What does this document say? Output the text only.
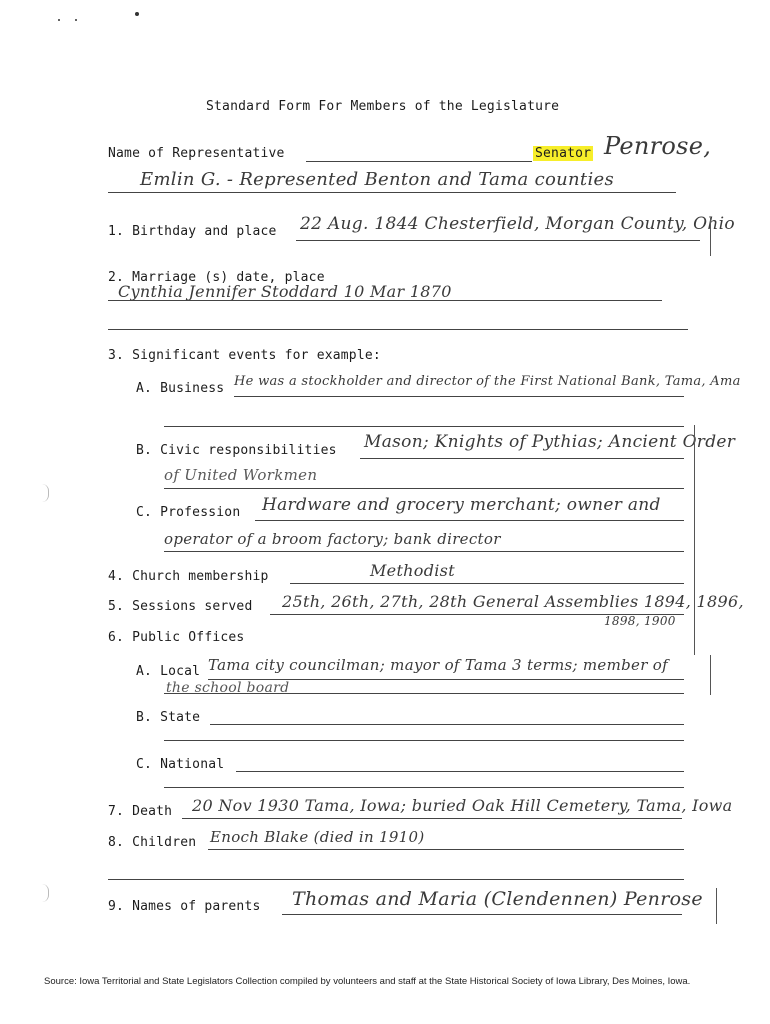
Standard Form For Members of the Legislature
Name of Representative	Senator Penrose,
Emlin G. - Represented Benton and Tama counties
1. Birthday and place 22 Aug. 1844 Chesterfield, Morgan County, Ohio
2. Marriage (s) date, place
Cynthia Jennifer Stoddard 10 Mar 1870
3. Significant events for example:
A. Business He was a stockholder and director of the First National Bank, Tama, Ama
B. Civic responsibilities Mason; Knights of Pythias; Ancient Order
of United Workmen
C. Profession Hardware and grocery merchant; owner and
operator of a broom factory; bank director
4. Church membership	Methodist
5. Sessions served 25th, 26th, 27th, 28th General Assemblies 1894, 1896,
1898, 1900
6. Public Offices
A. Local Tama city councilman; mayor of Tama 3 terms; member of
the school board
B. State
C. National
7. Death 20 Nov 1930 Tama, Iowa; buried Oak Hill Cemetery, Tama, Iowa
8. Children Enoch Blake (died in 1910)
9. Names of parents Thomas and Maria (Clendennen) Penrose
Source: Iowa Territorial and State Legislators Collection compiled by volunteers and staff at the State Historical Society of Iowa Library, Des Moines, Iowa.
